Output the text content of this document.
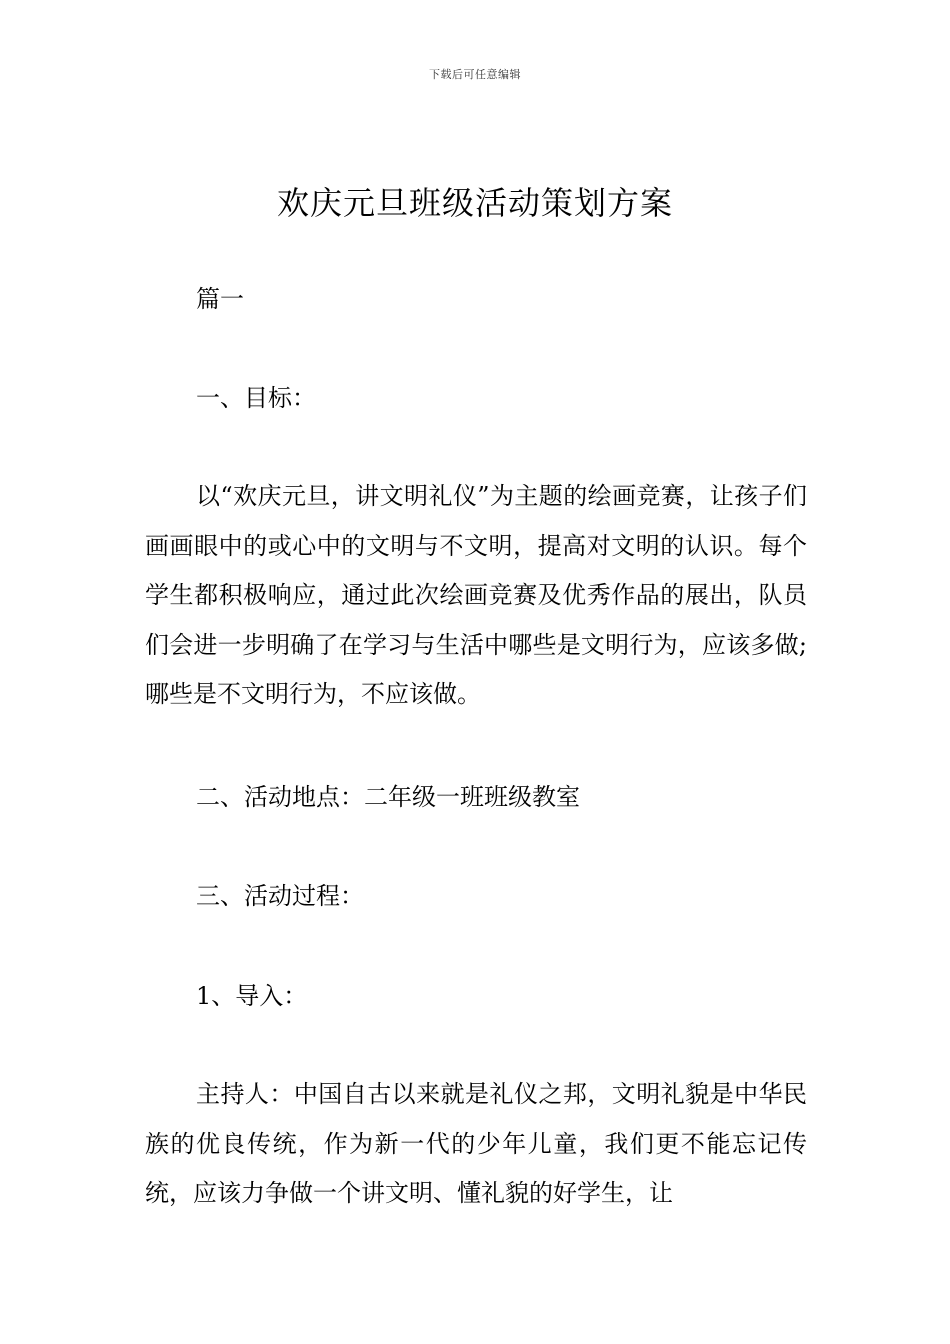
下载后可任意编辑
欢庆元旦班级活动策划方案

篇一

一、目标：

以“欢庆元旦，讲文明礼仪”为主题的绘画竞赛，让孩子们画画眼中的或心中的文明与不文明，提高对文明的认识。每个学生都积极响应，通过此次绘画竞赛及优秀作品的展出，队员们会进一步明确了在学习与生活中哪些是文明行为，应该多做;哪些是不文明行为，不应该做。

二、活动地点：二年级一班班级教室

三、活动过程：

1、导入：

主持人：中国自古以来就是礼仪之邦，文明礼貌是中华民族的优良传统，作为新一代的少年儿童，我们更不能忘记传统，应该力争做一个讲文明、懂礼貌的好学生，让
